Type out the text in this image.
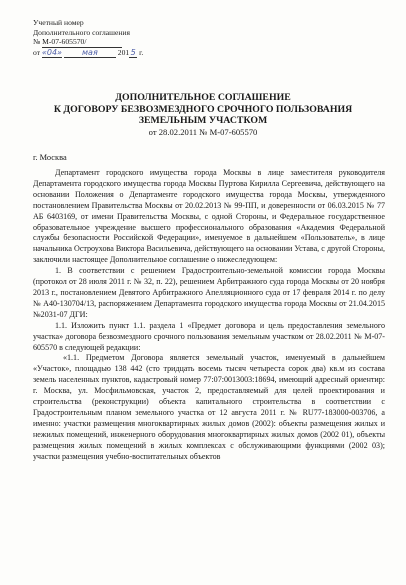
Учетный номер
Дополнительного соглашения
№ М-07-605570/
от «04»	мая	2015 г.
ДОПОЛНИТЕЛЬНОЕ СОГЛАШЕНИЕ
К ДОГОВОРУ БЕЗВОЗМЕЗДНОГО СРОЧНОГО ПОЛЬЗОВАНИЯ
ЗЕМЕЛЬНЫМ УЧАСТКОМ
от 28.02.2011 № М-07-605570
г. Москва

Департамент городского имущества города Москвы в лице заместителя руководителя Департамента городского имущества города Москвы Пуртова Кирилла Сергеевича, действующего на основании Положения о Департаменте городского имущества города Москвы, утвержденного постановлением Правительства Москвы от 20.02.2013 № 99-ПП, и доверенности от 06.03.2015 № 77 АБ 6403169, от имени Правительства Москвы, с одной Стороны, и Федеральное государственное образовательное учреждение высшего профессионального образования «Академия Федеральной службы безопасности Российской Федерации», именуемое в дальнейшем «Пользователь», в лице начальника Остроухова Виктора Васильевича, действующего на основании Устава, с другой Стороны, заключили настоящее Дополнительное соглашение о нижеследующем:

1. В соответствии с решением Градостроительно-земельной комиссии города Москвы (протокол от 28 июля 2011 г. № 32, п. 22), решением Арбитражного суда города Москвы от 20 ноября 2013 г., постановлением Девятого Арбитражного Апелляционного суда от 17 февраля 2014 г. по делу № А40-130704/13, распоряжением Департамента городского имущества города Москвы от 21.04.2015 №2031-07 ДГИ:

1.1. Изложить пункт 1.1. раздела 1 «Предмет договора и цель предоставления земельного участка» договора безвозмездного срочного пользования земельным участком от 28.02.2011 № М-07-605570 в следующей редакции:

«1.1. Предметом Договора является земельный участок, именуемый в дальнейшем «Участок», площадью 138 442 (сто тридцать восемь тысяч четыреста сорок два) кв.м из состава земель населенных пунктов, кадастровый номер 77:07:0013003:18694, имеющий адресный ориентир: г. Москва, ул. Мосфильмовская, участок 2, предоставляемый для целей проектирования и строительства (реконструкции) объекта капитального строительства в соответствии с Градостроительным планом земельного участка от 12 августа 2011 г. № RU77-183000-003706, а именно: участки размещения многоквартирных жилых домов (2002): объекты размещения жилых и нежилых помещений, инженерного оборудования многоквартирных жилых домов (2002 01), объекты размещения жилых помещений в жилых комплексах с обслуживающими функциями (2002 03); участки размещения учебно-воспитательных объектов
